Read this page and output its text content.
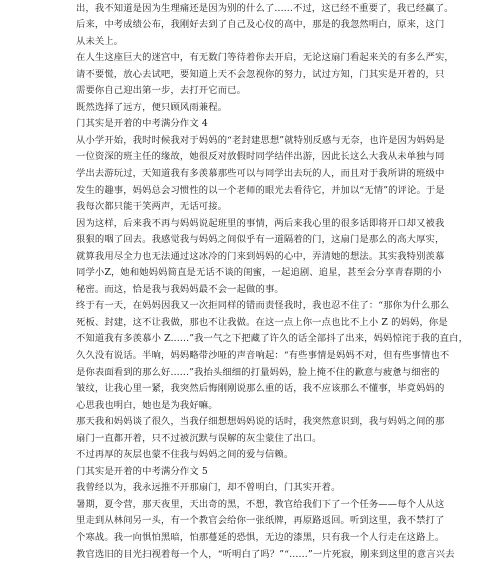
出，我不知道是因为生理痛还是因为别的什么了......不过，这已经不重要了，我已经赢了。
后来，中考成绩公布，我刚好去到了自己及心仪的高中，那是的我忽然明白，原来，这门
从未关上。
在人生这座巨大的迷宫中，有无数门等待着你去开启，无论这扇门看起来关的有多么严实，
请不要慌，放心去试吧，要知道上天不会忽视你的努力，试过方知，门其实是开着的，只
需要你自己迎出第一步，去打开它而已。
既然选择了远方，便只顾风雨兼程。
门其实是开着的中考满分作文 4
从小学开始，我时时候我对于妈妈的“老封建思想”就特别反感与无奈，也许是因为妈妈是
一位资深的班主任的缘故，她很反对放假时同学结伴出游，因此长这么大我从未单独与同
学出去游玩过，天知道我有多羡慕那些可以与同学出去玩的人，而且对于我所讲的班级中
发生的趣事，妈妈总会习惯性的以一个老师的眼光去看待它，并加以“无情”的评论。于是
我每次都只能干笑两声，无话可接。
因为这样，后来我不再与妈妈说起班里的事情，两后来我心里的很多话即将开口却又被我
狠狠的咽了回去。我感觉我与妈妈之间似乎有一道隔着的门，这扇门是那么的高大厚实，
就算我用尽全力也无法通过这冰冷的门来到妈妈的心中，弄清她的想法。其实我特别羡慕
同学小Z，她和她妈妈简直是无话不谈的闺蜜，一起追剧、追星，甚至会分享青春期的小
秘密。而这，恰是我与我妈妈最不会一起做的事。
终于有一天，在妈妈因我又一次拒同样的错而责怪我时，我也忍不住了：“那你为什么那么
死板、封建，这不让我做，那也不让我做。在这一点上你一点也比不上小 Z 的妈妈，你是
不知道我有多羡慕小 Z......”我一气之下把藏了许久的话全部抖了出来，妈妈惊诧于我的直白，
久久没有说话。半晌，妈妈略带沙哑的声音响起：“有些事情是妈妈不对，但有些事情也不
是你表面看到的那么好......”我抬头细细的打量妈妈，脸上掩不住的歉意与疲惫与细密的
皱纹，让我心里一紧，我突然后悔刚刚说那么重的话，我不应该那么不懂事，毕竟妈妈的
心思我也明白，她也是为我好嘛。
那天我和妈妈谈了很久，当我仔细想想妈妈说的话时，我突然意识到，我与妈妈之间的那
扇门一直都开着，只不过被沉默与误解的灰尘蒙住了出口。
不过再厚的灰层也蒙不住我与妈妈之间的爱与信赖。
门其实是开着的中考满分作文 5
我曾经以为，我永远推不开那扇门，却不曾明白，门其实开着。
暑期，夏令营，那天夜里，天出奇的黑，不想，教官给我们下了一个任务——每个人从这
里走到从林间另一头，有一个教官会给你一张纸牌，再原路返回。听到这里，我不禁打了
个寒战。我一向惧怕黑暗，怕那蔓延的恐惧，无边的漆黑，只有我一个人行走在这路上。
教官选旧的目光扫视着每一个人，“听明白了吗？”“……”一片死寂，刚来到这里的意言兴去
